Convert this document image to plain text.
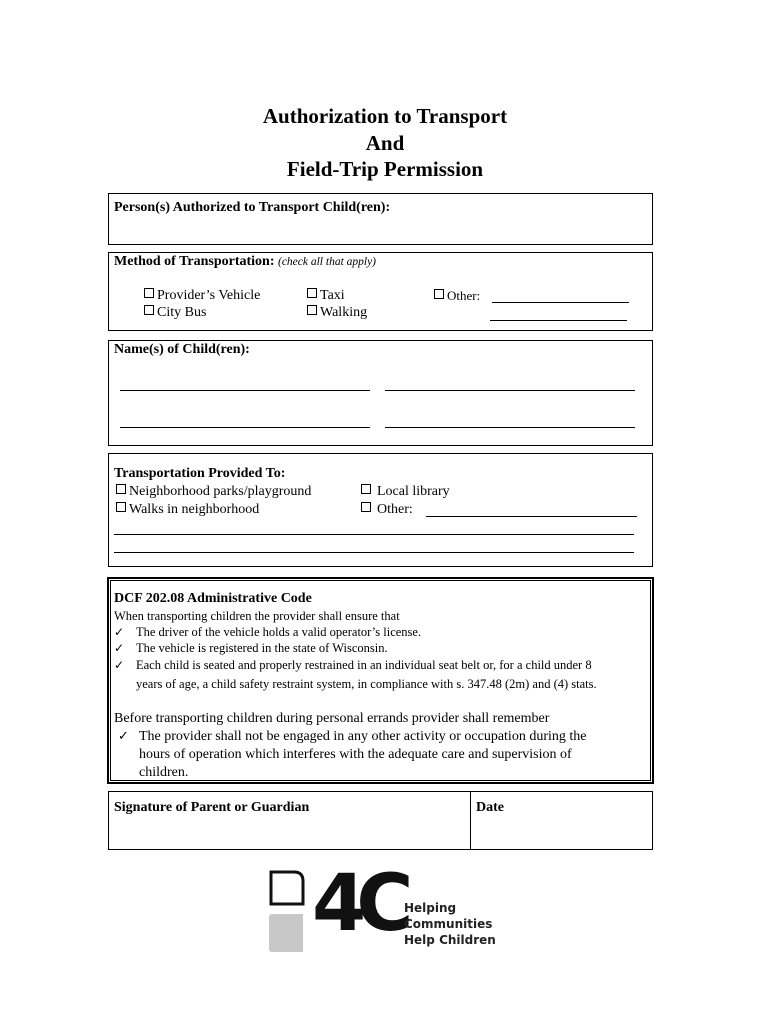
Authorization to Transport
And
Field-Trip Permission
Person(s) Authorized to Transport Child(ren):
Method of Transportation: (check all that apply)
Provider’s Vehicle
City Bus
Taxi
Walking
Other:
Name(s) of Child(ren):
Transportation Provided To:
Neighborhood parks/playground
Walks in neighborhood
Local library
Other:
DCF 202.08 Administrative Code
When transporting children the provider shall ensure that
✓ The driver of the vehicle holds a valid operator’s license.
✓ The vehicle is registered in the state of Wisconsin.
✓ Each child is seated and properly restrained in an individual seat belt or, for a child under 8
years of age, a child safety restraint system, in compliance with s. 347.48 (2m) and (4) stats.
Before transporting children during personal errands provider shall remember
✓ The provider shall not be engaged in any other activity or occupation during the
hours of operation which interferes with the adequate care and supervision of
children.
Signature of Parent or Guardian	Date
4C Helping
Communities
Help Children
